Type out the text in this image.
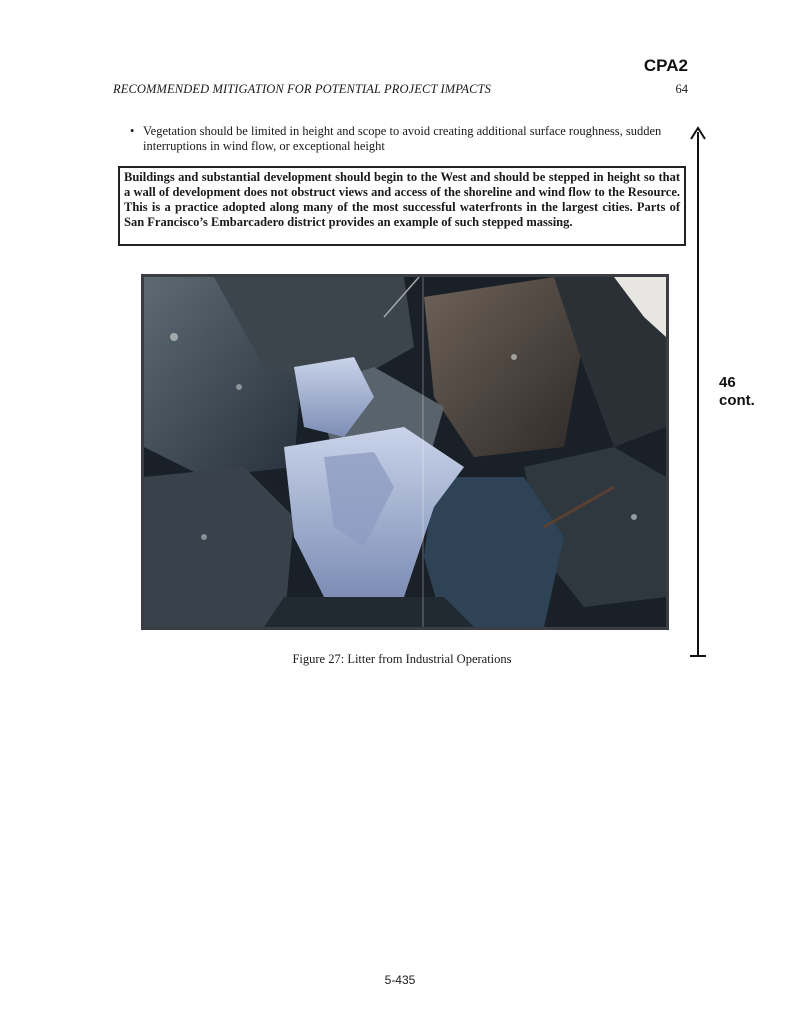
CPA2
RECOMMENDED MITIGATION FOR POTENTIAL PROJECT IMPACTS	64
• Vegetation should be limited in height and scope to avoid creating additional surface roughness, sudden interruptions in wind flow, or exceptional height
Buildings and substantial development should begin to the West and should be stepped in height so that a wall of development does not obstruct views and access of the shoreline and wind flow to the Resource. This is a practice adopted along many of the most successful waterfronts in the largest cities. Parts of San Francisco’s Embarcadero district provides an example of such stepped massing.
Figure 27: Litter from Industrial Operations
46
cont.
5-435
